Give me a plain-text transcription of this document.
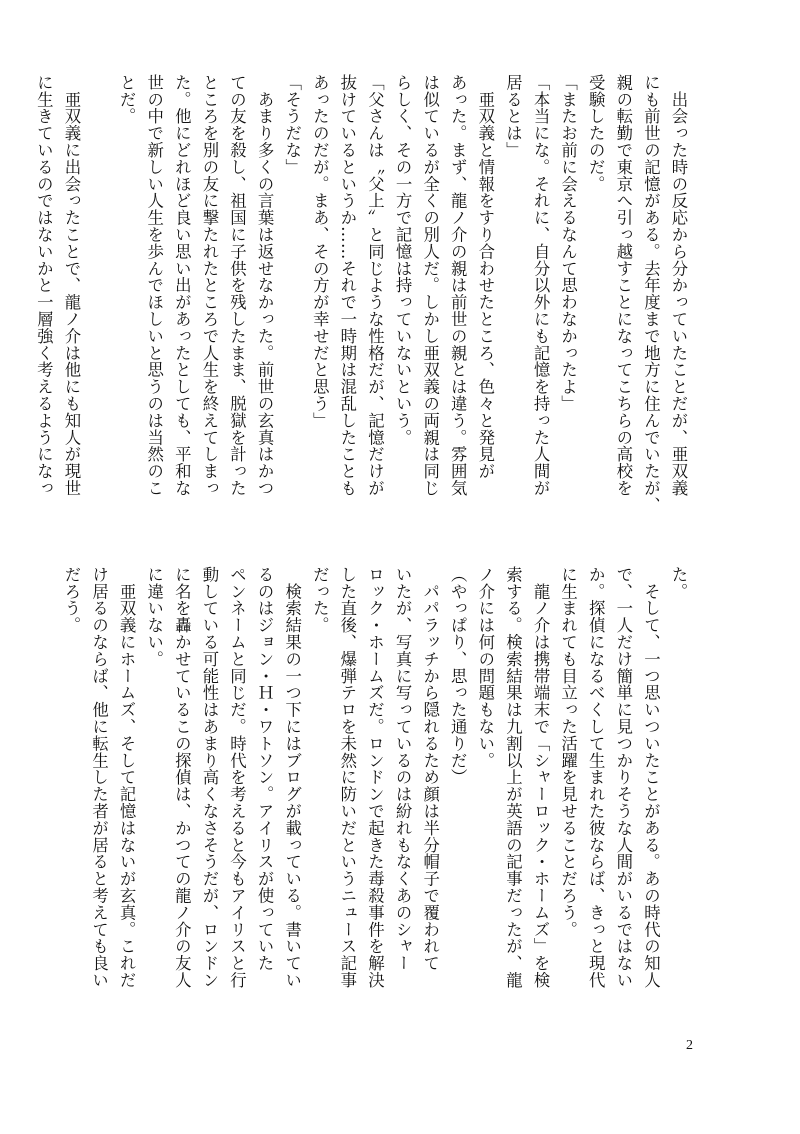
　出会った時の反応から分かっていたことだが、亜双義

にも前世の記憶がある。去年度まで地方に住んでいたが、

親の転勤で東京へ引っ越すことになってこちらの高校を

受験したのだ。

「またお前に会えるなんて思わなかったよ」

「本当にな。それに、自分以外にも記憶を持った人間が

居るとは」

　亜双義と情報をすり合わせたところ、色々と発見が

あった。まず、龍ノ介の親は前世の親とは違う。雰囲気

は似ているが全くの別人だ。しかし亜双義の両親は同じ

らしく、その一方で記憶は持っていないという。

「父さんは〝父上〟と同じような性格だが、記憶だけが

抜けているというか……それで一時期は混乱したことも

あったのだが。まあ、その方が幸せだと思う」

「そうだな」

　あまり多くの言葉は返せなかった。前世の玄真はかつ

ての友を殺し、祖国に子供を残したまま、脱獄を計った

ところを別の友に撃たれたところで人生を終えてしまっ

た。他にどれほど良い思い出があったとしても、平和な

世の中で新しい人生を歩んでほしいと思うのは当然のこ

とだ。

　亜双義に出会ったことで、龍ノ介は他にも知人が現世

に生きているのではないかと一層強く考えるようになっ

た。

　そして、一つ思いついたことがある。あの時代の知人

で、一人だけ簡単に見つかりそうな人間がいるではない

か。探偵になるべくして生まれた彼ならば、きっと現代

に生まれても目立った活躍を見せることだろう。

　龍ノ介は携帯端末で「シャーロック・ホームズ」を検

索する。検索結果は九割以上が英語の記事だったが、龍

ノ介には何の問題もない。

（やっぱり、思った通りだ）

　パパラッチから隠れるため顔は半分帽子で覆われて

いたが、写真に写っているのは紛れもなくあのシャー

ロック・ホームズだ。ロンドンで起きた毒殺事件を解決

した直後、爆弾テロを未然に防いだというニュース記事

だった。

　検索結果の一つ下にはブログが載っている。書いてい

るのはジョン・Ｈ・ワトソン。アイリスが使っていた

ペンネームと同じだ。時代を考えると今もアイリスと行

動している可能性はあまり高くなさそうだが、ロンドン

に名を轟かせているこの探偵は、かつての龍ノ介の友人

に違いない。

　亜双義にホームズ、そして記憶はないが玄真。これだ

け居るのならば、他に転生した者が居ると考えても良い

だろう。

2
